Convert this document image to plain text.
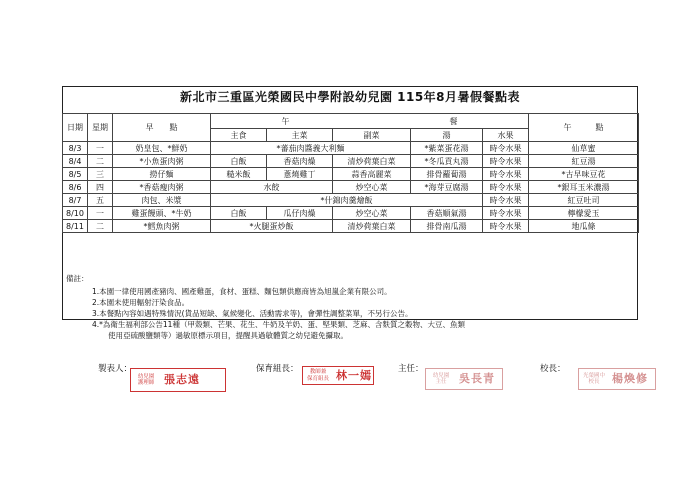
新北市三重區光榮國民中學附設幼兒園 115年8月暑假餐點表
日期	星期	早　　點	午　　　　　　　　　　　　　　　　　　　　餐					午　　　點
			主食	主菜	副菜	湯	水果	
8/3	一	奶皇包、*鮮奶	*蕃茄肉醬義大利麵			*紫菜蛋花湯	時令水果	仙草蜜
8/4	二	*小魚蛋肉粥	白飯	香菇肉燥	清炒荷葉白菜	*冬瓜貢丸湯	時令水果	紅豆湯
8/5	三	撈仔麵	糙米飯	蔥燒雞丁	蒜香高麗菜	排骨蘿蔔湯	時令水果	*古早味豆花
8/6	四	*香菇瘦肉粥	水餃		炒空心菜	*海芽豆腐湯	時令水果	*銀耳玉米濃湯
8/7	五	肉包、米漿	*什錦肉羹燴飯				時令水果	紅豆吐司
8/10	一	雞蛋饅頭、*牛奶	白飯	瓜仔肉燥	炒空心菜	香菇順氣湯	時令水果	檸檬愛玉
8/11	二	*鱈魚肉粥	*火腿蛋炒飯		清炒荷葉白菜	排骨南瓜湯	時令水果	地瓜條
備註：
1.本園一律使用國產豬肉、國產雞蛋，食材、蛋糕、麵包類供應商皆為旭嵐企業有限公司。
2.本園未使用輻射汙染食品。
3.本餐點內容如遇特殊情況(貨品短缺、氣候變化、活動需求等)，會彈性調整菜單，不另行公告。
4.*為衛生福利部公告11種（甲殼類、芒果、花生、牛奶及羊奶、蛋、堅果類、芝麻、含麩質之穀物、大豆、魚類
使用亞硫酸鹽類等）過敏原標示項目，提醒具過敏體質之幼兒避免攝取。
製表人：
幼兒園
護理師 張志遠
保育組長：	教師兼
保育組長 林一嫣	主任：
幼兒園
主任	吳長青
校長：
光榮國中
校長	楊煥修
